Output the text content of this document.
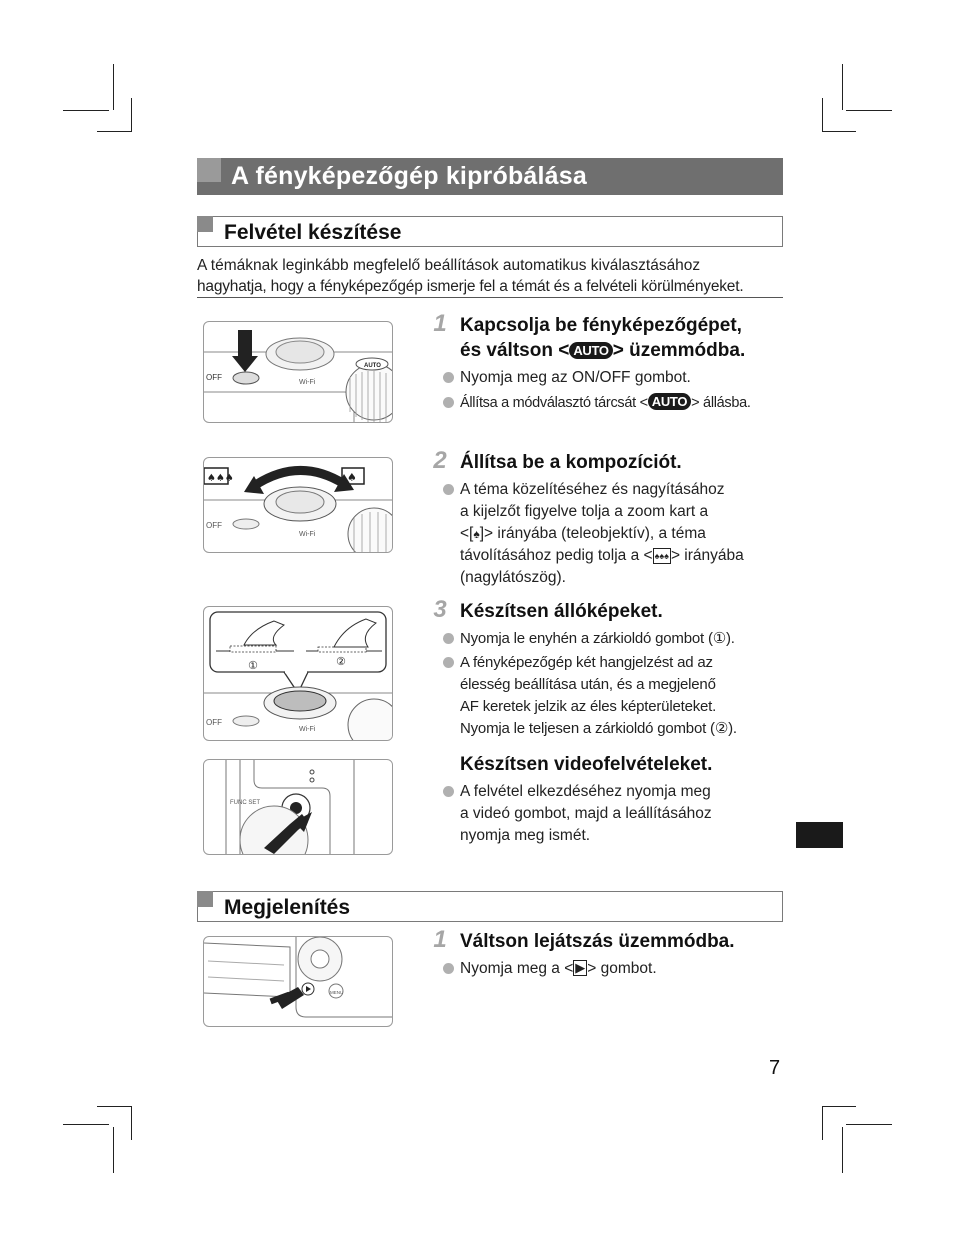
A fényképezőgép kipróbálása
Felvétel készítése
A témáknak leginkább megfelelő beállítások automatikus kiválasztásához
hagyhatja, hogy a fényképezőgép ismerje fel a témát és a felvételi körülményeket.
OFF
Wi-Fi
AUTO
1 Kapcsolja be fényképezőgépet,
és váltson < AUTO > üzemmódba.
Nyomja meg az ON/OFF gombot.
Állítsa a módválasztó tárcsát < AUTO > állásba.
♠♠♠	♠
OFF
Wi-Fi
2 Állítsa be a kompozíciót.
A téma közelítéséhez és nagyításához
a kijelzőt figyelve tolja a zoom kart a
<[♠]> irányába (teleobjektív), a téma
távolításához pedig tolja a < ♠♠♠ > irányába
(nagylátószög).
①	②
OFF
Wi-Fi
3 Készítsen állóképeket.
Nyomja le enyhén a zárkioldó gombot (①).
A fényképezőgép két hangjelzést ad az
élesség beállítása után, és a megjelenő
AF keretek jelzik az éles képterületeket.
Nyomja le teljesen a zárkioldó gombot (②).
FUNC SET
Készítsen videofelvételeket.
A felvétel elkezdéséhez nyomja meg
a videó gombot, majd a leállításához
nyomja meg ismét.
Megjelenítés
MENU
1 Váltson lejátszás üzemmódba.
Nyomja meg a < ▶ > gombot.
7
